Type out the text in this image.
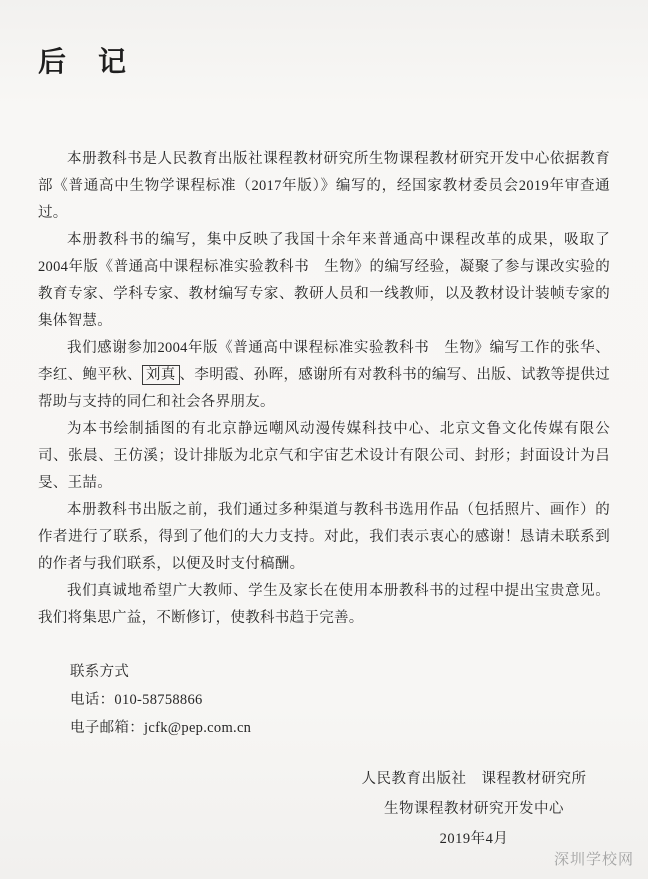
后　记

本册教科书是人民教育出版社课程教材研究所生物课程教材研究开发中心依据教育部《普通高中生物学课程标准（2017年版）》编写的，经国家教材委员会2019年审查通过。

本册教科书的编写，集中反映了我国十余年来普通高中课程改革的成果，吸取了2004年版《普通高中课程标准实验教科书　生物》的编写经验，凝聚了参与课改实验的教育专家、学科专家、教材编写专家、教研人员和一线教师，以及教材设计装帧专家的集体智慧。

我们感谢参加2004年版《普通高中课程标准实验教科书　生物》编写工作的张华、李红、鲍平秋、 刘真 、李明霞、孙晖，感谢所有对教科书的编写、出版、试教等提供过帮助与支持的同仁和社会各界朋友。

为本书绘制插图的有北京静远嘲风动漫传媒科技中心、北京文鲁文化传媒有限公司、张晨、王仿溪；设计排版为北京气和宇宙艺术设计有限公司、封形；封面设计为吕旻、王喆。

本册教科书出版之前，我们通过多种渠道与教科书选用作品（包括照片、画作）的作者进行了联系，得到了他们的大力支持。对此，我们表示衷心的感谢！恳请未联系到的作者与我们联系，以便及时支付稿酬。

我们真诚地希望广大教师、学生及家长在使用本册教科书的过程中提出宝贵意见。我们将集思广益，不断修订，使教科书趋于完善。

联系方式

电话：010-58758866

电子邮箱：jcfk@pep.com.cn

人民教育出版社　课程教材研究所

生物课程教材研究开发中心

2019年4月

深圳学校网
